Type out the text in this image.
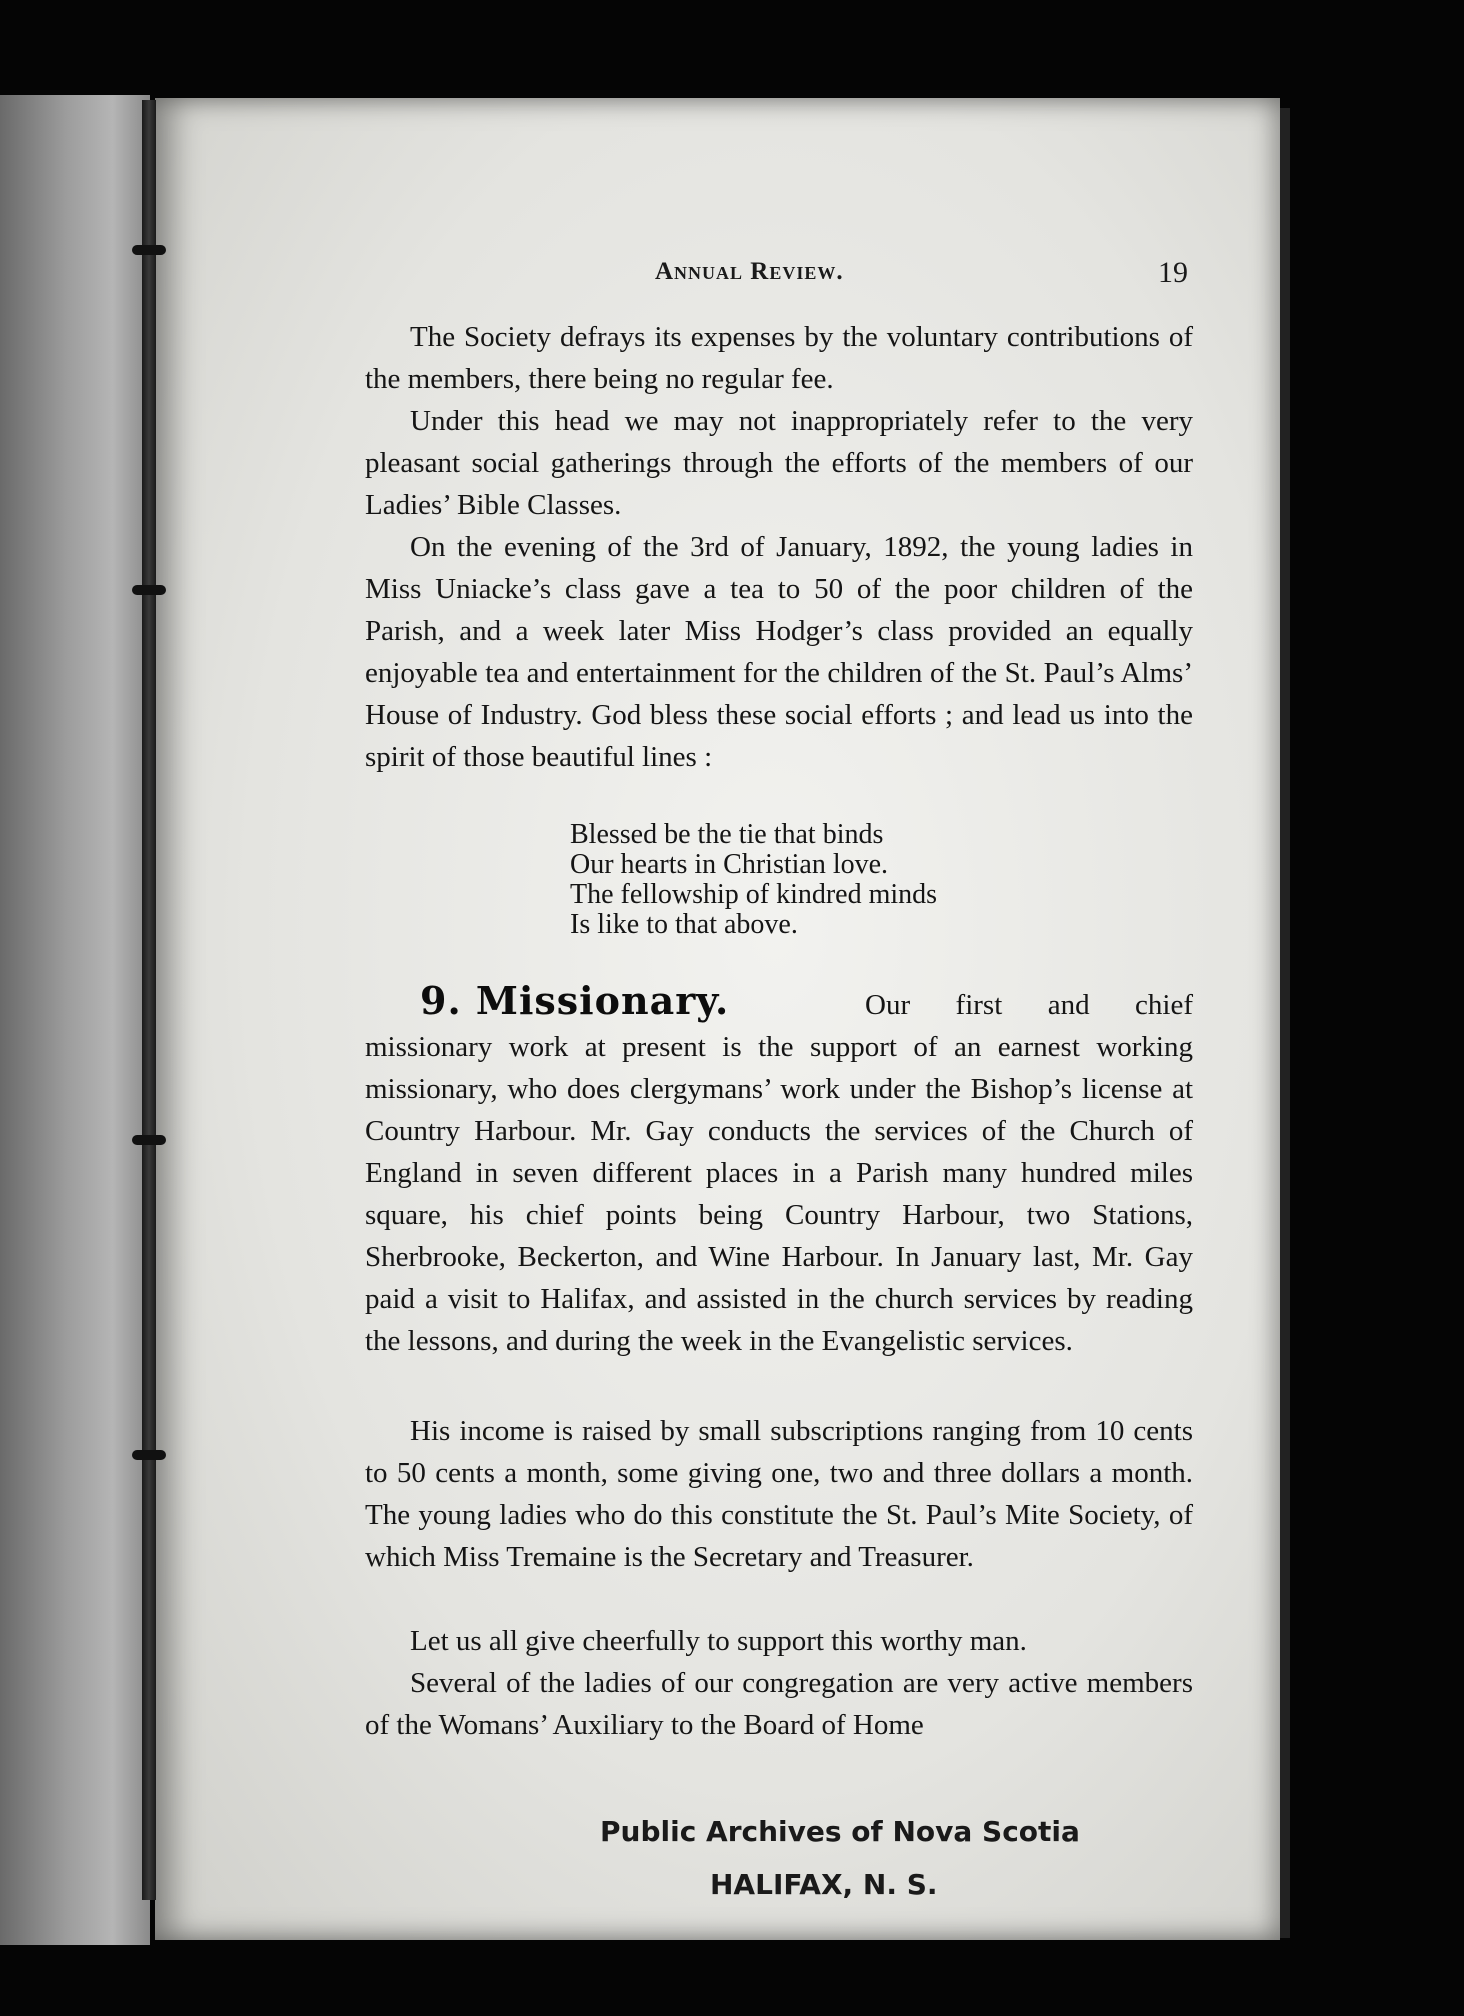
Annual Review.	19
The Society defrays its expenses by the voluntary contributions of the members, there being no regular fee.
Under this head we may not inappropriately refer to the very pleasant social gatherings through the efforts of the members of our Ladies’ Bible Classes.
On the evening of the 3rd of January, 1892, the young ladies in Miss Uniacke’s class gave a tea to 50 of the poor children of the Parish, and a week later Miss Hodger’s class provided an equally enjoyable tea and entertainment for the children of the St. Paul’s Alms’ House of Industry. God bless these social efforts ; and lead us into the spirit of those beautiful lines :
Blessed be the tie that binds
Our hearts in Christian love.
The fellowship of kindred minds
Is like to that above.
9. Missionary.	Our first and chief missionary work at present is the support of an earnest working missionary, who does clergymans’ work under the Bishop’s license at Country Harbour. Mr. Gay conducts the services of the Church of England in seven different places in a Parish many hundred miles square, his chief points being Country Harbour, two Stations, Sherbrooke, Beckerton, and Wine Harbour. In January last, Mr. Gay paid a visit to Halifax, and assisted in the church services by reading the lessons, and during the week in the Evangelistic services.
His income is raised by small subscriptions ranging from 10 cents to 50 cents a month, some giving one, two and three dollars a month. The young ladies who do this constitute the St. Paul’s Mite Society, of which Miss Tremaine is the Secretary and Treasurer.
Let us all give cheerfully to support this worthy man.
Several of the ladies of our congregation are very active members of the Womans’ Auxiliary to the Board of Home
Public Archives of Nova Scotia
HALIFAX, N. S.
